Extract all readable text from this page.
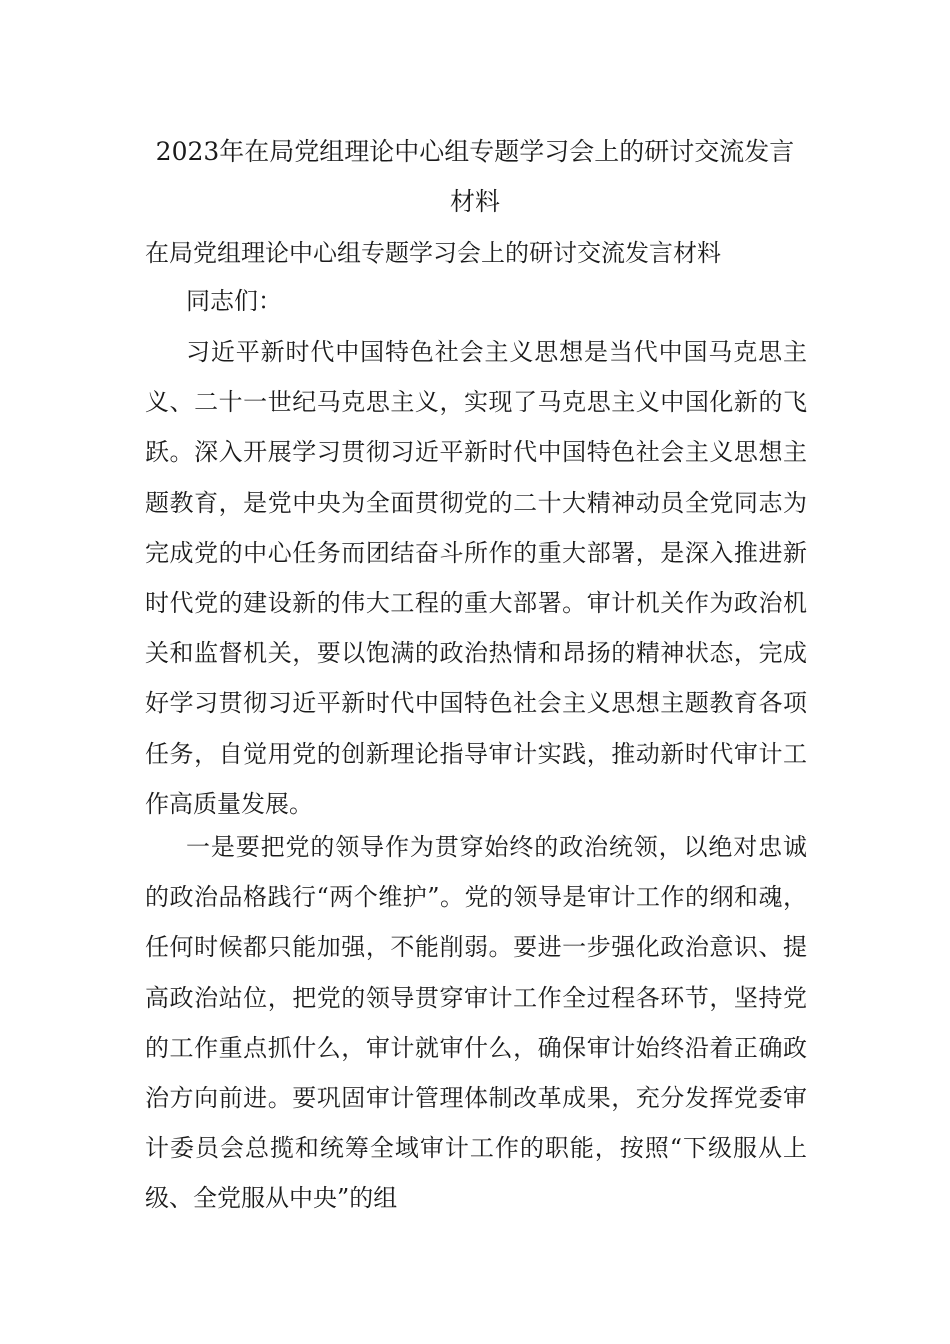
2023年在局党组理论中心组专题学习会上的研讨交流发言
材料

在局党组理论中心组专题学习会上的研讨交流发言材料

同志们：

习近平新时代中国特色社会主义思想是当代中国马克思主义、二十一世纪马克思主义，实现了马克思主义中国化新的飞跃。深入开展学习贯彻习近平新时代中国特色社会主义思想主题教育，是党中央为全面贯彻党的二十大精神动员全党同志为完成党的中心任务而团结奋斗所作的重大部署，是深入推进新时代党的建设新的伟大工程的重大部署。审计机关作为政治机关和监督机关，要以饱满的政治热情和昂扬的精神状态，完成好学习贯彻习近平新时代中国特色社会主义思想主题教育各项任务，自觉用党的创新理论指导审计实践，推动新时代审计工作高质量发展。

一是要把党的领导作为贯穿始终的政治统领，以绝对忠诚的政治品格践行“两个维护”。党的领导是审计工作的纲和魂，任何时候都只能加强，不能削弱。要进一步强化政治意识、提高政治站位，把党的领导贯穿审计工作全过程各环节，坚持党的工作重点抓什么，审计就审什么，确保审计始终沿着正确政治方向前进。要巩固审计管理体制改革成果，充分发挥党委审计委员会总揽和统筹全域审计工作的职能，按照“下级服从上级、全党服从中央”的组
